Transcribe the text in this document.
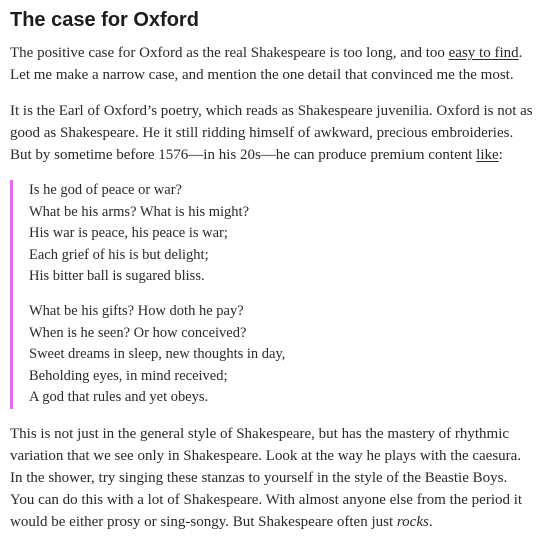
The case for Oxford

The positive case for Oxford as the real Shakespeare is too long, and too easy to find. Let me make a narrow case, and mention the one detail that convinced me the most.

It is the Earl of Oxford’s poetry, which reads as Shakespeare juvenilia. Oxford is not as good as Shakespeare. He it still ridding himself of awkward, precious embroideries. But by sometime before 1576—in his 20s—he can produce premium content like:

Is he god of peace or war?
What be his arms? What is his might?
His war is peace, his peace is war;
Each grief of his is but delight;
His bitter ball is sugared bliss.
What be his gifts? How doth he pay?
When is he seen? Or how conceived?
Sweet dreams in sleep, new thoughts in day,
Beholding eyes, in mind received;
A god that rules and yet obeys.

This is not just in the general style of Shakespeare, but has the mastery of rhythmic variation that we see only in Shakespeare. Look at the way he plays with the caesura. In the shower, try singing these stanzas to yourself in the style of the Beastie Boys. You can do this with a lot of Shakespeare. With almost anyone else from the period it would be either prosy or sing-songy. But Shakespeare often just rocks.
